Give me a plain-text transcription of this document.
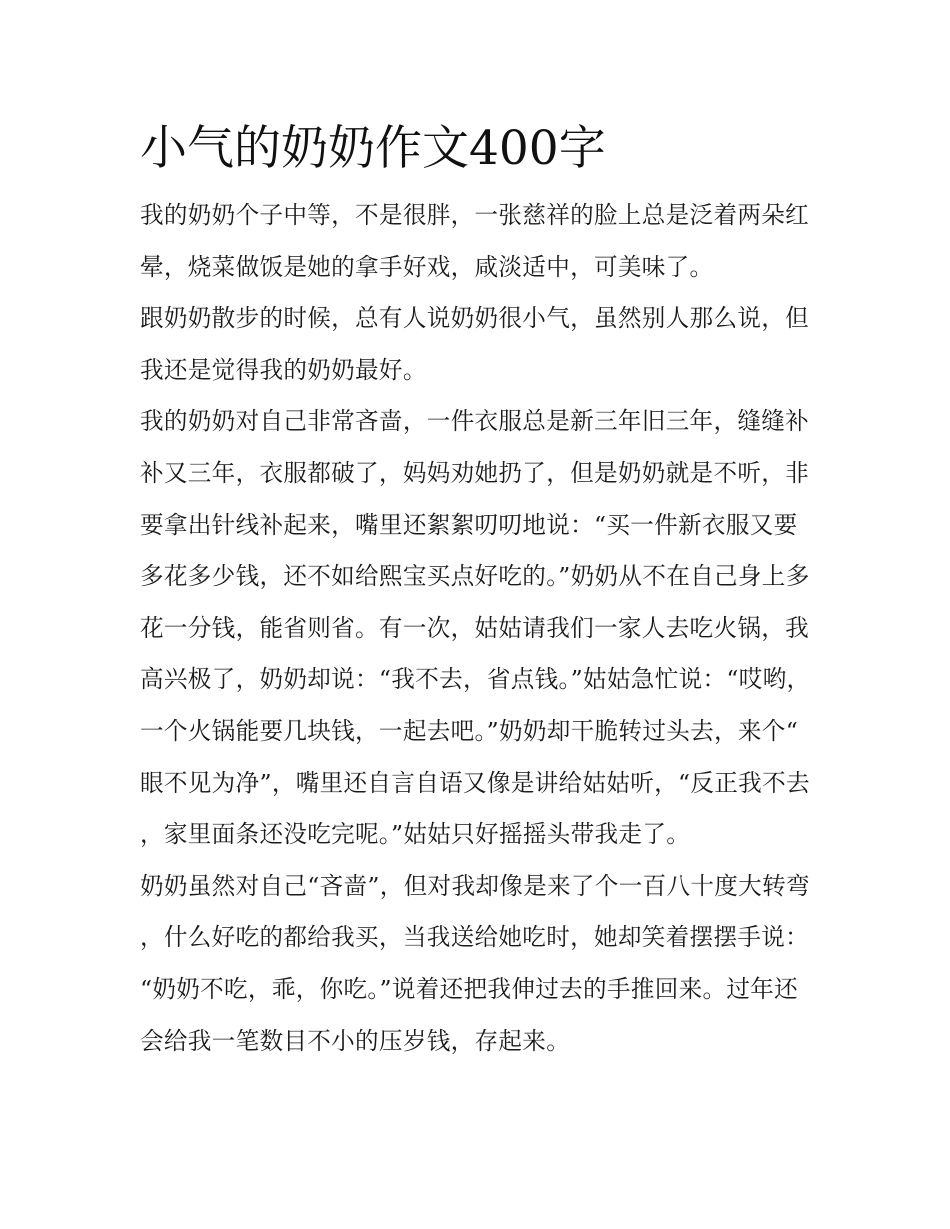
小气的奶奶作文400字

我的奶奶个子中等，不是很胖，一张慈祥的脸上总是泛着两朵红晕，烧菜做饭是她的拿手好戏，咸淡适中，可美味了。

跟奶奶散步的时候，总有人说奶奶很小气，虽然别人那么说，但我还是觉得我的奶奶最好。

我的奶奶对自己非常吝啬，一件衣服总是新三年旧三年，缝缝补补又三年，衣服都破了，妈妈劝她扔了，但是奶奶就是不听，非要拿出针线补起来，嘴里还絮絮叨叨地说：“买一件新衣服又要多花多少钱，还不如给熙宝买点好吃的。”奶奶从不在自己身上多花一分钱，能省则省。有一次，姑姑请我们一家人去吃火锅，我高兴极了，奶奶却说：“我不去，省点钱。”姑姑急忙说：“哎哟，一个火锅能要几块钱，一起去吧。”奶奶却干脆转过头去，来个“眼不见为净”，嘴里还自言自语又像是讲给姑姑听，“反正我不去，家里面条还没吃完呢。”姑姑只好摇摇头带我走了。

奶奶虽然对自己“吝啬”，但对我却像是来了个一百八十度大转弯，什么好吃的都给我买，当我送给她吃时，她却笑着摆摆手说：“奶奶不吃，乖，你吃。”说着还把我伸过去的手推回来。过年还会给我一笔数目不小的压岁钱，存起来。
